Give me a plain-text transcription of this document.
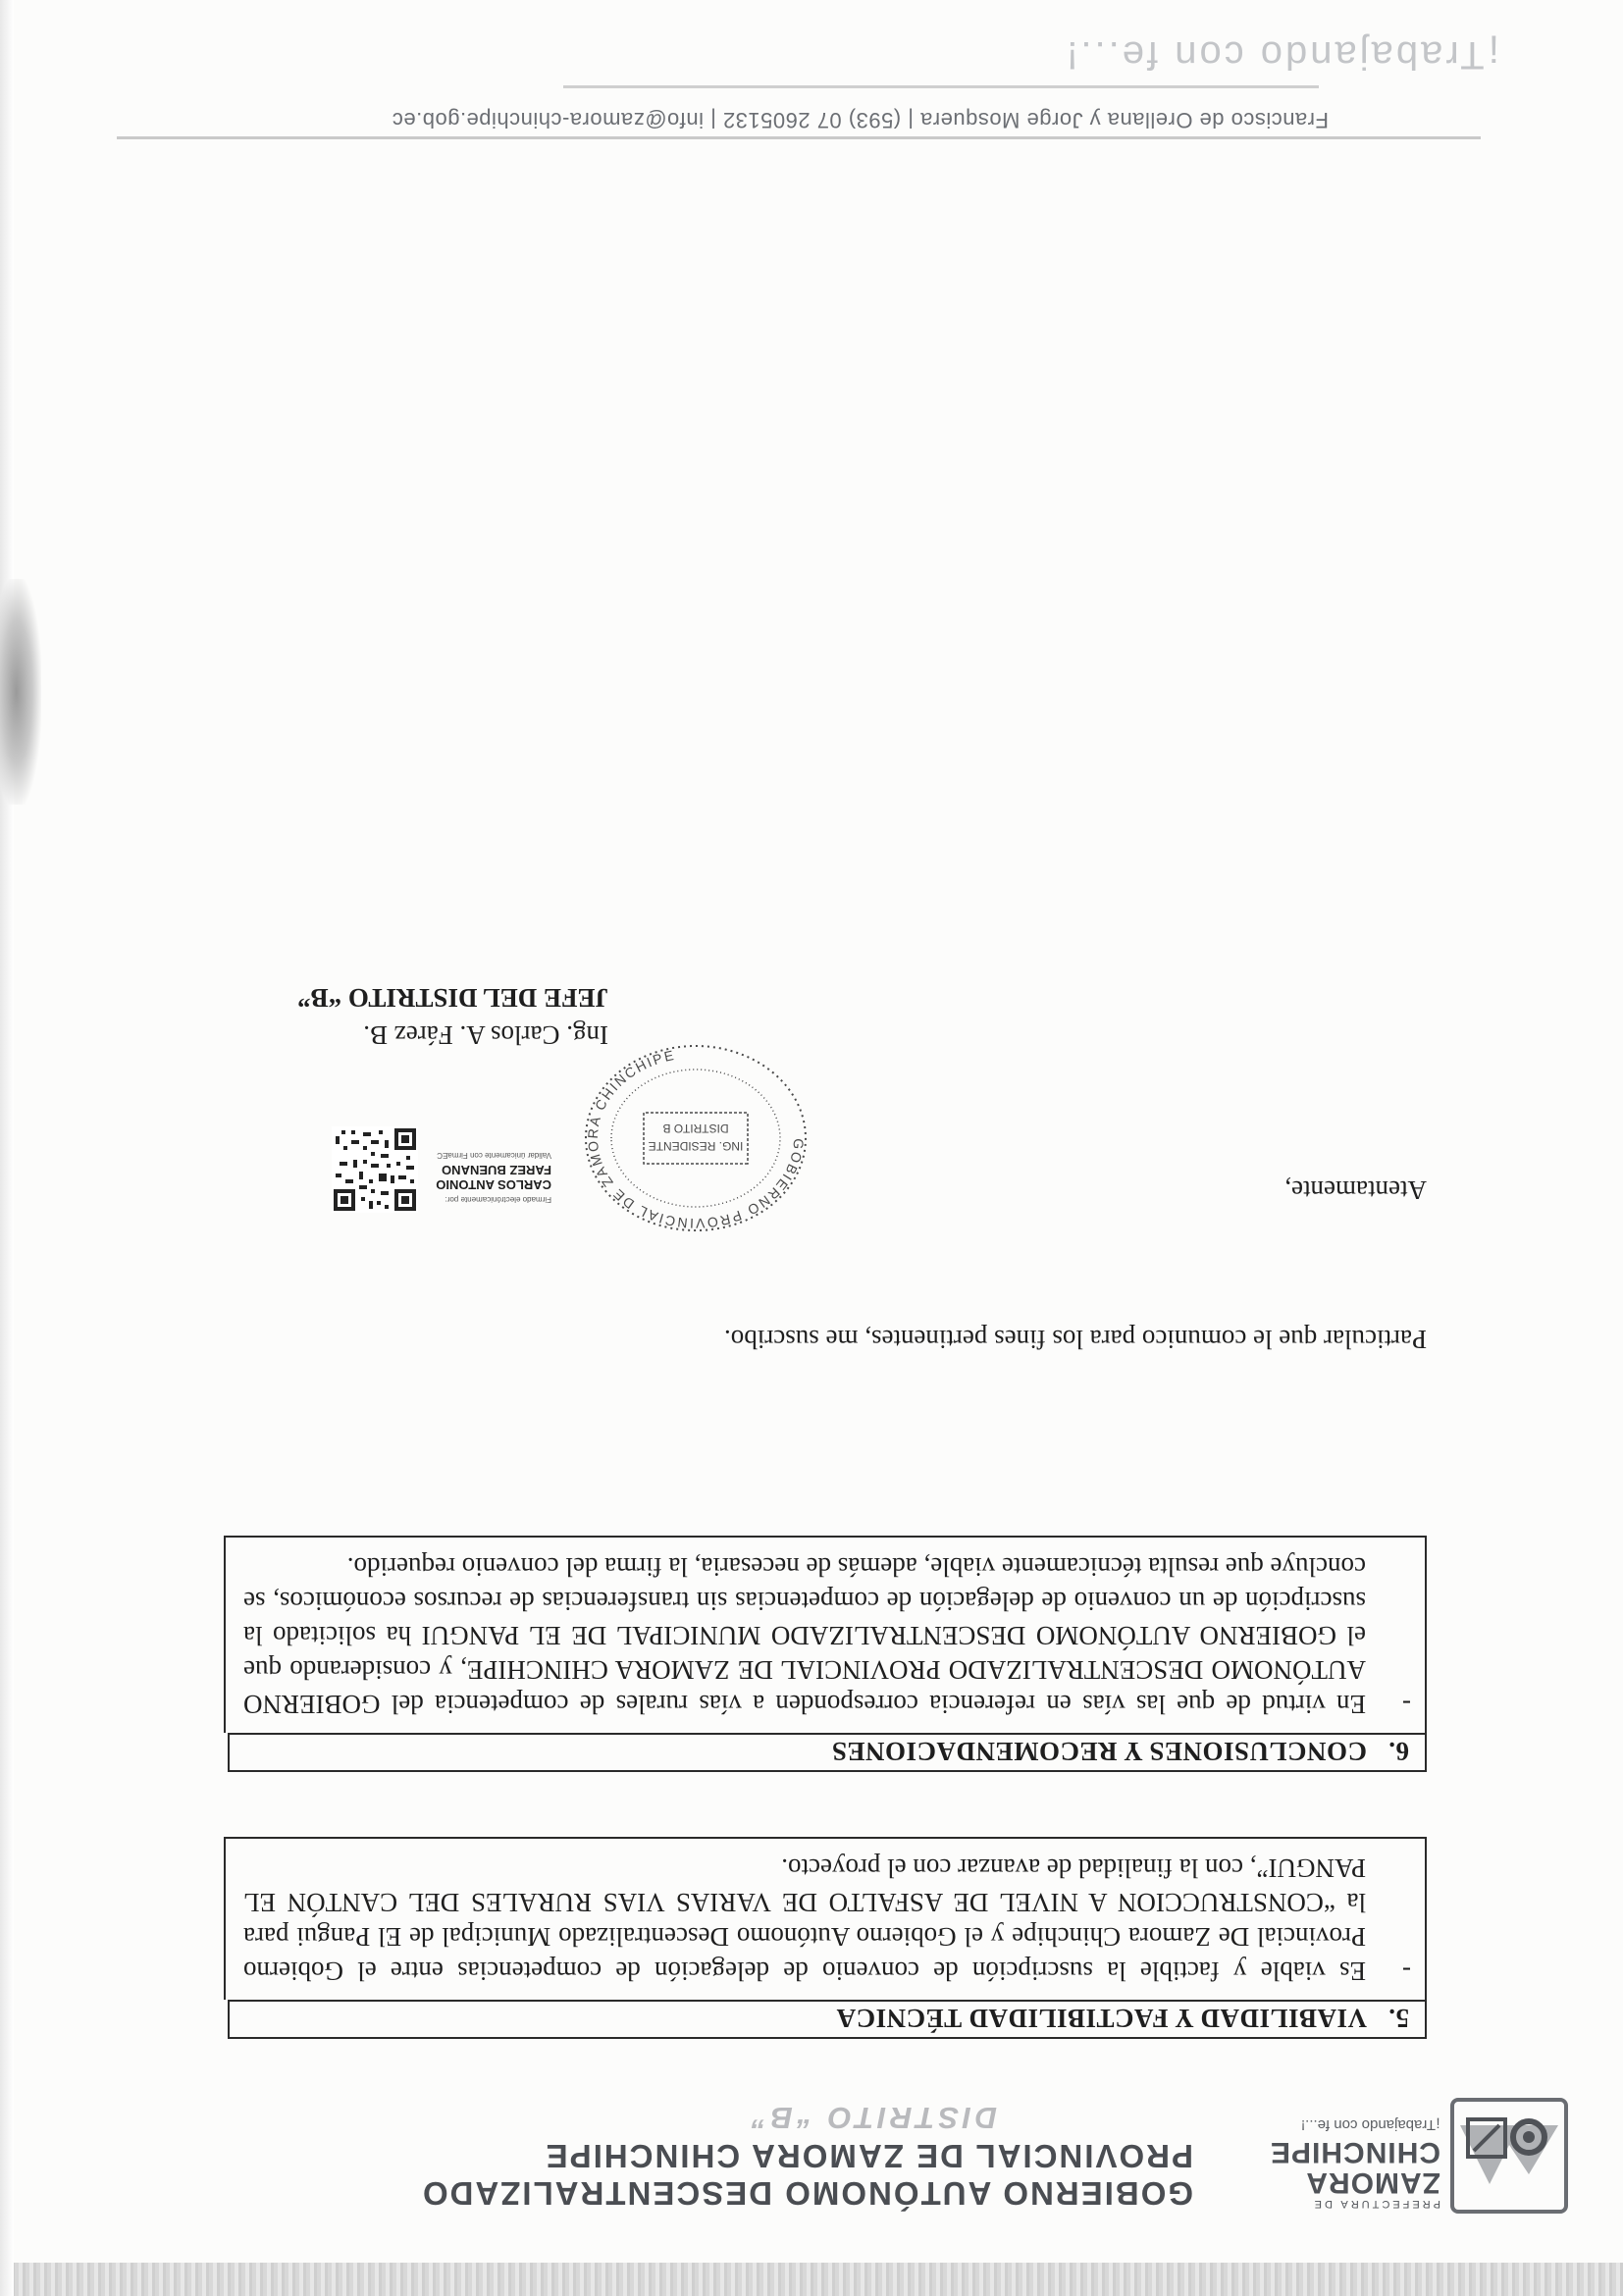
PREFECTURA DE
ZAMORA
CHINCHIPE
¡Trabajando con fe...!
GOBIERNO AUTÓNOMO DESCENTRALIZADO
PROVINCIAL DE ZAMORA CHINCHIPE
DISTRITO “B”
5.   VIABILIDAD Y FACTIBILIDAD TÉCNICA
-
Es viable y factible la suscripción de convenio de delegación de competencias entre el Gobierno Provincial De Zamora Chinchipe y el Gobierno Autónomo Descentralizado Municipal de El Pangui para la “CONSTRUCCION A NIVEL DE ASFALTO DE VARIAS VIAS RURALES DEL CANTÓN EL PANGUI”, con la finalidad de avanzar con el proyecto.
6.   CONCLUSIONES Y RECOMENDACIONES
-
En virtud de que las vías en referencia corresponden a vías rurales de competencia del GOBIERNO AUTÓNOMO DESCENTRALIZADO PROVINCIAL DE ZAMORA CHINCHIPE, y considerando que el GOBIERNO AUTÓNOMO DESCENTRALIZADO MUNICIPAL DE EL PANGUI ha solicitado la suscripción de un convenio de delegación de competencias sin transferencias de recursos económicos, se concluye que resulta técnicamente viable, además de necesaria, la firma del convenio requerido.
Particular que le comunico para los fines pertinentes, me suscribo.
Atentamente,
Firmado electrónicamente por:
CARLOS ANTONIO
FAREZ BUENANO
Validar únicamente con FirmaEC
GOBIERNO PROVINCIAL DE ZAMORA CHINCHIPE
ING. RESIDENTE
DISTRITO B
Ing. Carlos A. Fárez B.
JEFE DEL DISTRITO “B”
Francisco de Orellana y Jorge Mosquera | (593) 07 2605132 | info@zamora-chinchipe.gob.ec
¡Trabajando con fe...!
